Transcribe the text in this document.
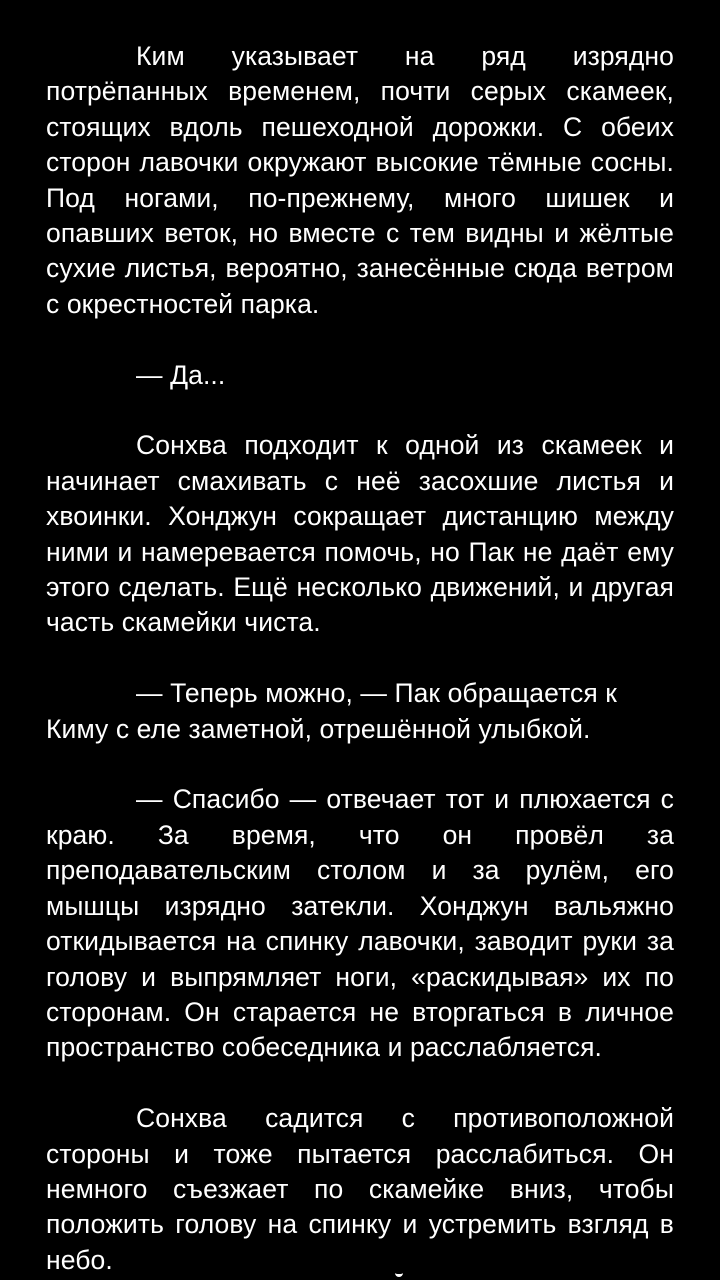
Ким указывает на ряд изрядно потрёпанных временем, почти серых скамеек, стоящих вдоль пешеходной дорожки. С обеих сторон лавочки окружают высокие тёмные сосны. Под ногами, по-прежнему, много шишек и опавших веток, но вместе с тем видны и жёлтые сухие листья, вероятно, занесённые сюда ветром с окрестностей парка.

— Да...

Сонхва подходит к одной из скамеек и начинает смахивать с неё засохшие листья и хвоинки. Хонджун сокращает дистанцию между ними и намеревается помочь, но Пак не даёт ему этого сделать. Ещё несколько движений, и другая часть скамейки чиста.

— Теперь можно, — Пак обращается к Киму с еле заметной, отрешённой улыбкой.

— Спасибо — отвечает тот и плюхается с краю. За время, что он провёл за преподавательским столом и за рулём, его мышцы изрядно затекли. Хонджун вальяжно откидывается на спинку лавочки, заводит руки за голову и выпрямляет ноги, «раскидывая» их по сторонам. Он старается не вторгаться в личное пространство собеседника и расслабляется.

Сонхва садится с противоположной стороны и тоже пытается расслабиться. Он немного съезжает по скамейке вниз, чтобы положить голову на спинку и устремить взгляд в небо.
